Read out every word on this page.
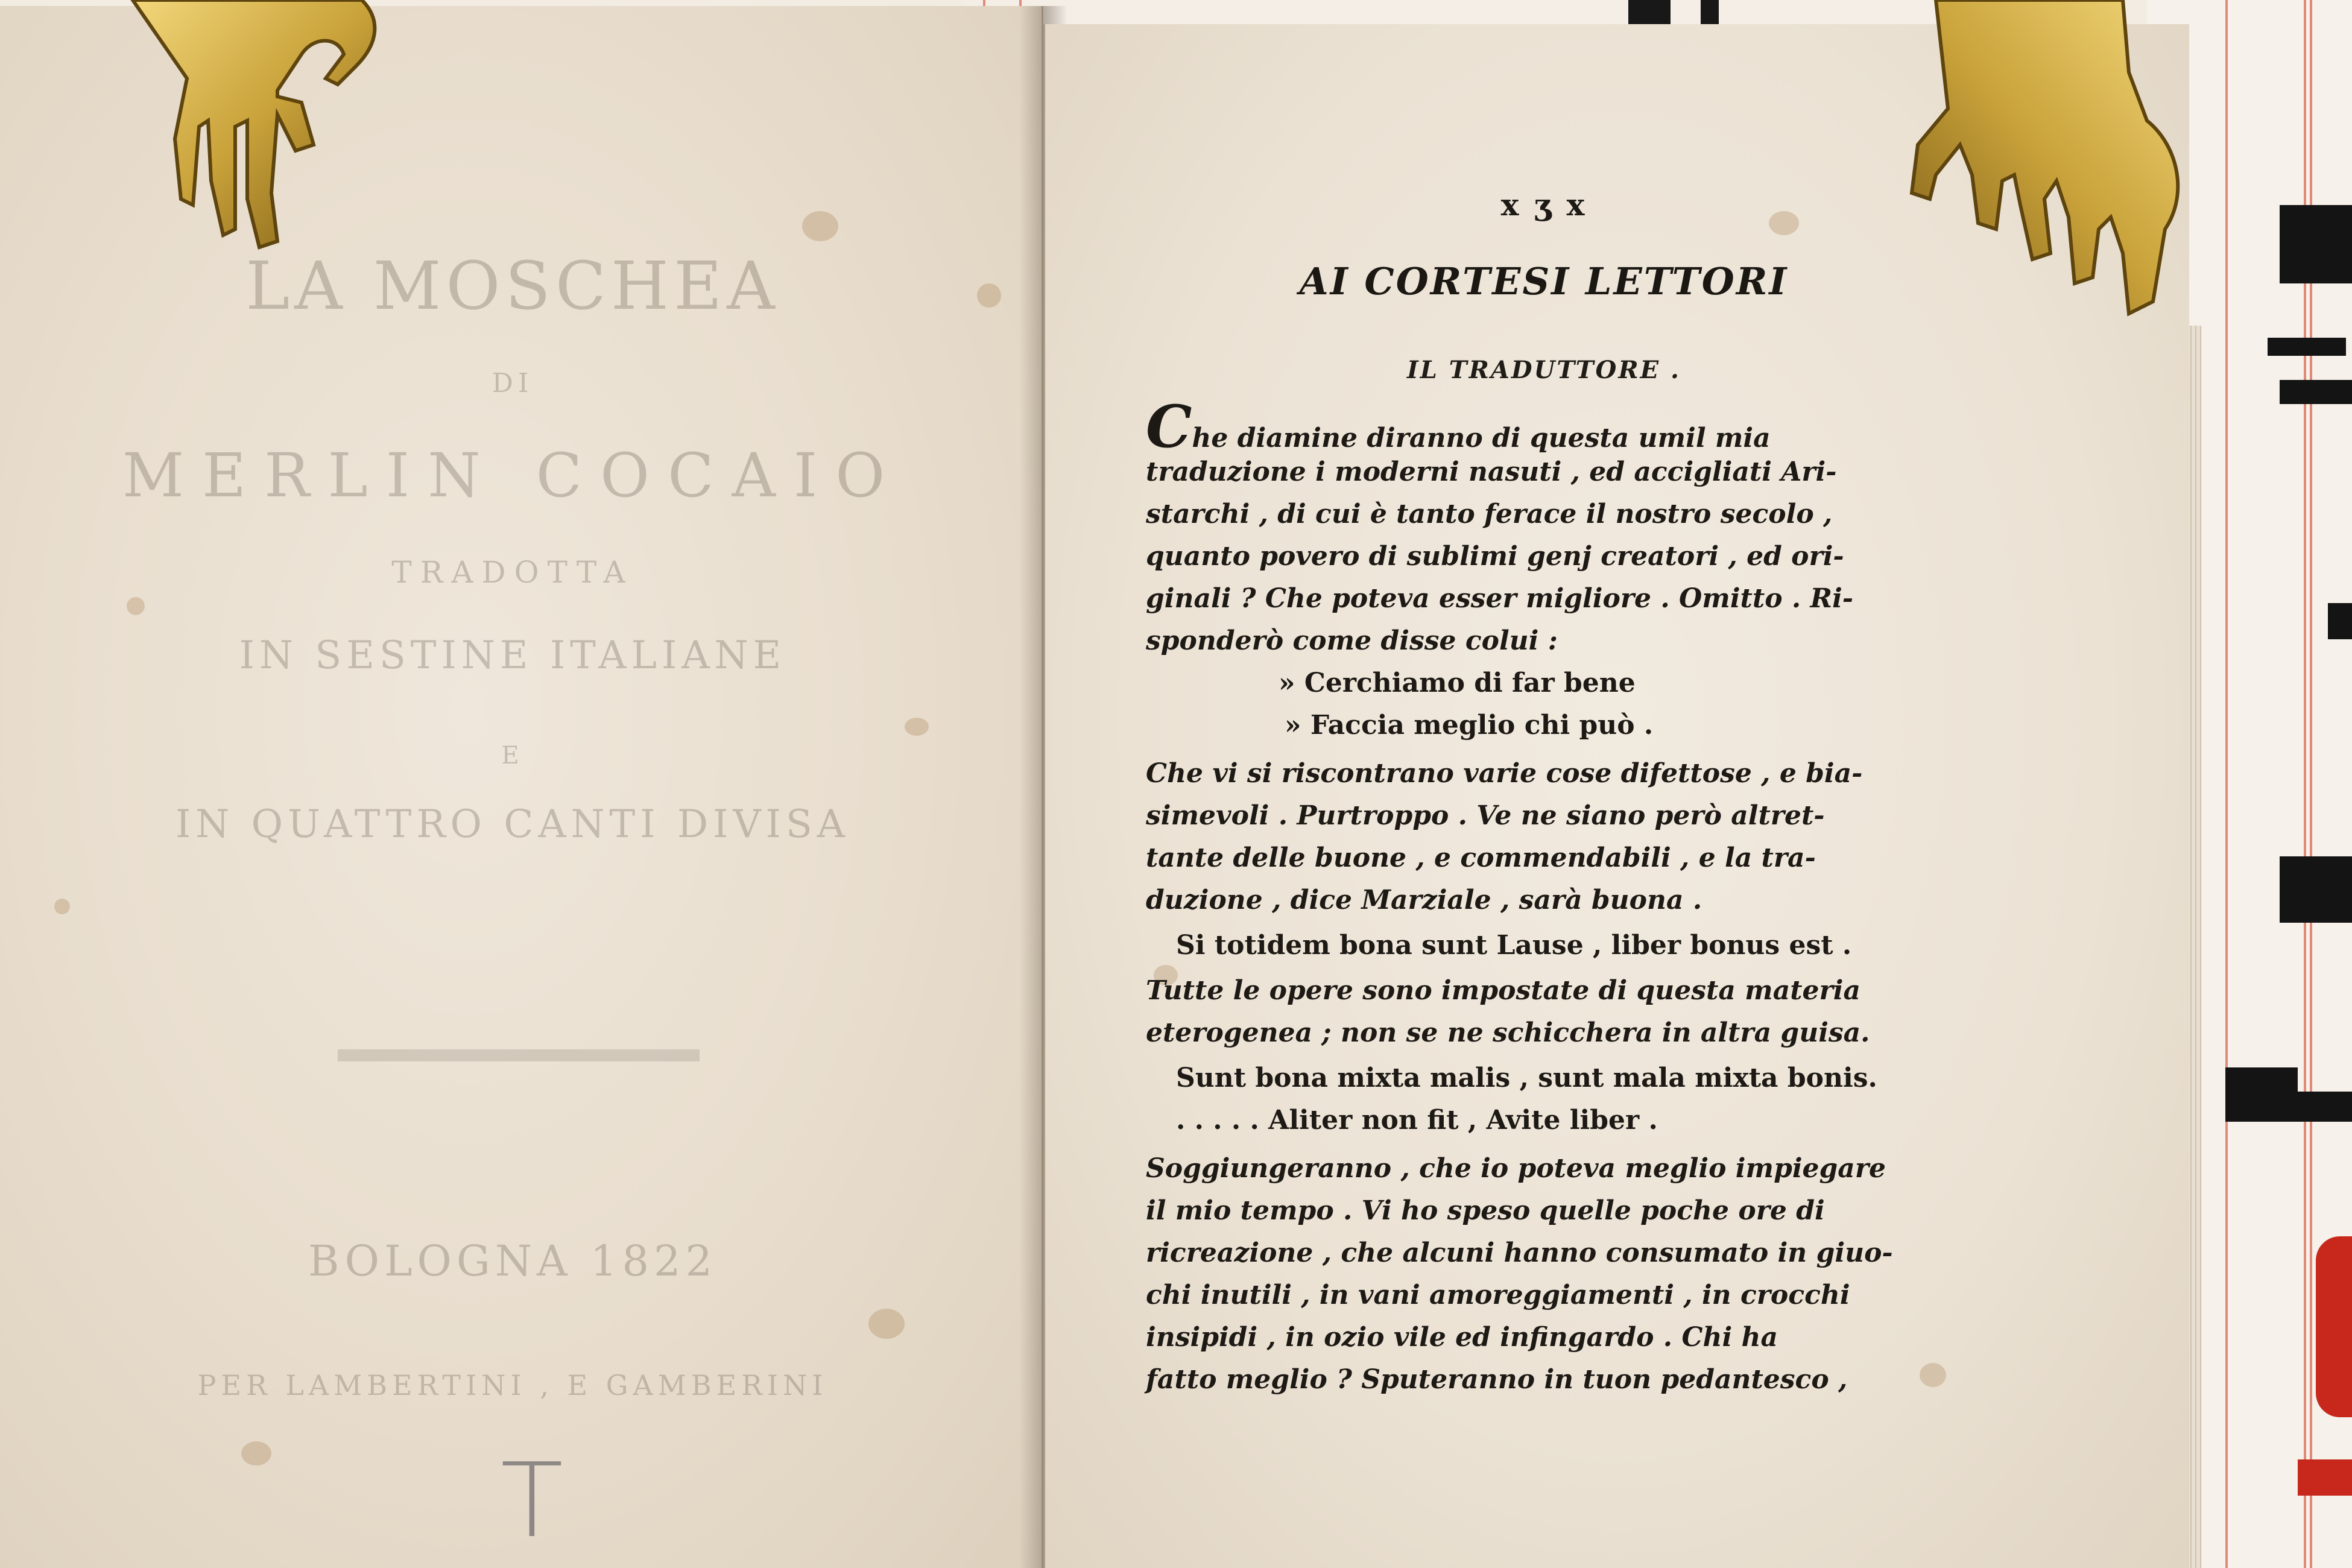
LA MOSCHEA
DI
MERLIN COCAIO
TRADOTTA
IN SESTINE ITALIANE
E
IN QUATTRO CANTI DIVISA
BOLOGNA 1822
PER LAMBERTINI , E GAMBERINI
T
x ʒ x
AI CORTESI LETTORI
IL TRADUTTORE .
Che diamine diranno di questa umil mia
traduzione i moderni nasuti , ed accigliati Ari-
starchi , di cui è tanto ferace il nostro secolo ,
quanto povero di sublimi genj creatori , ed ori-
ginali ? Che poteva esser migliore . Omitto . Ri-
sponderò come disse colui :
» Cerchiamo di far bene
» Faccia meglio chi può .
Che vi si riscontrano varie cose difettose , e bia-
simevoli . Purtroppo . Ve ne siano però altret-
tante delle buone , e commendabili , e la tra-
duzione , dice Marziale , sarà buona .
Si totidem bona sunt Lause , liber bonus est .
Tutte le opere sono impostate di questa materia
eterogenea ; non se ne schicchera in altra guisa.
Sunt bona mixta malis , sunt mala mixta bonis.
. . . . . Aliter non fit , Avite liber .
Soggiungeranno , che io poteva meglio impiegare
il mio tempo . Vi ho speso quelle poche ore di
ricreazione , che alcuni hanno consumato in giuo-
chi inutili , in vani amoreggiamenti , in crocchi
insipidi , in ozio vile ed infingardo . Chi ha
fatto meglio ? Sputeranno in tuon pedantesco ,
